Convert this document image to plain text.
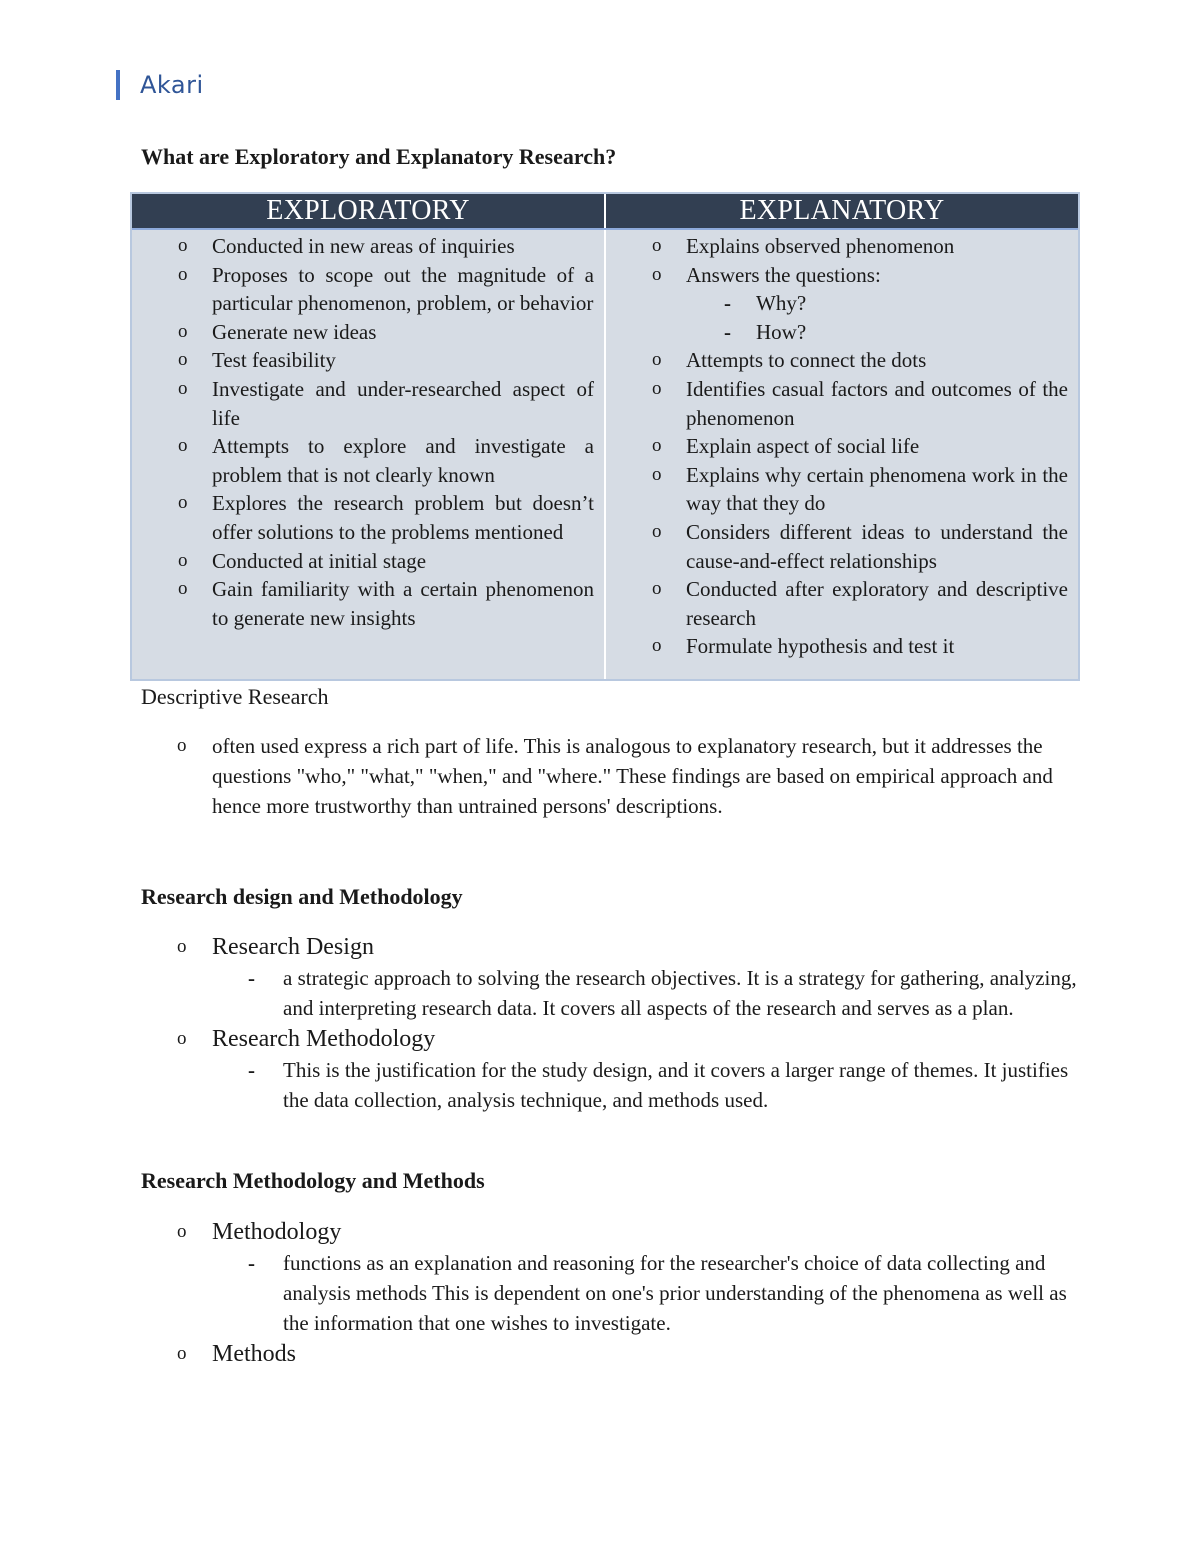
Akari
What are Exploratory and Explanatory Research?
EXPLORATORY	EXPLANATORY
o Conducted in new areas of inquiries
o Proposes to scope out the magnitude of a particular phenomenon, problem, or behavior
o Generate new ideas
o Test feasibility
o Investigate and under-researched aspect of life
o Attempts to explore and investigate a problem that is not clearly known
o Explores the research problem but doesn’t offer solutions to the problems mentioned
o Conducted at initial stage
o Gain familiarity with a certain phenomenon to generate new insights
o Explains observed phenomenon
o Answers the questions:
- Why?
- How?
o Attempts to connect the dots
o Identifies casual factors and outcomes of the phenomenon
o Explain aspect of social life
o Explains why certain phenomena work in the way that they do
o Considers different ideas to understand the cause-and-effect relationships
o Conducted after exploratory and descriptive research
o Formulate hypothesis and test it
Descriptive Research
o often used express a rich part of life. This is analogous to explanatory research, but it addresses the questions "who," "what," "when," and "where." These findings are based on empirical approach and hence more trustworthy than untrained persons' descriptions.
Research design and Methodology
o Research Design
- a strategic approach to solving the research objectives. It is a strategy for gathering, analyzing, and interpreting research data. It covers all aspects of the research and serves as a plan.
o Research Methodology
- This is the justification for the study design, and it covers a larger range of themes. It justifies the data collection, analysis technique, and methods used.
Research Methodology and Methods
o Methodology
- functions as an explanation and reasoning for the researcher's choice of data collecting and analysis methods This is dependent on one's prior understanding of the phenomena as well as the information that one wishes to investigate.
o Methods
